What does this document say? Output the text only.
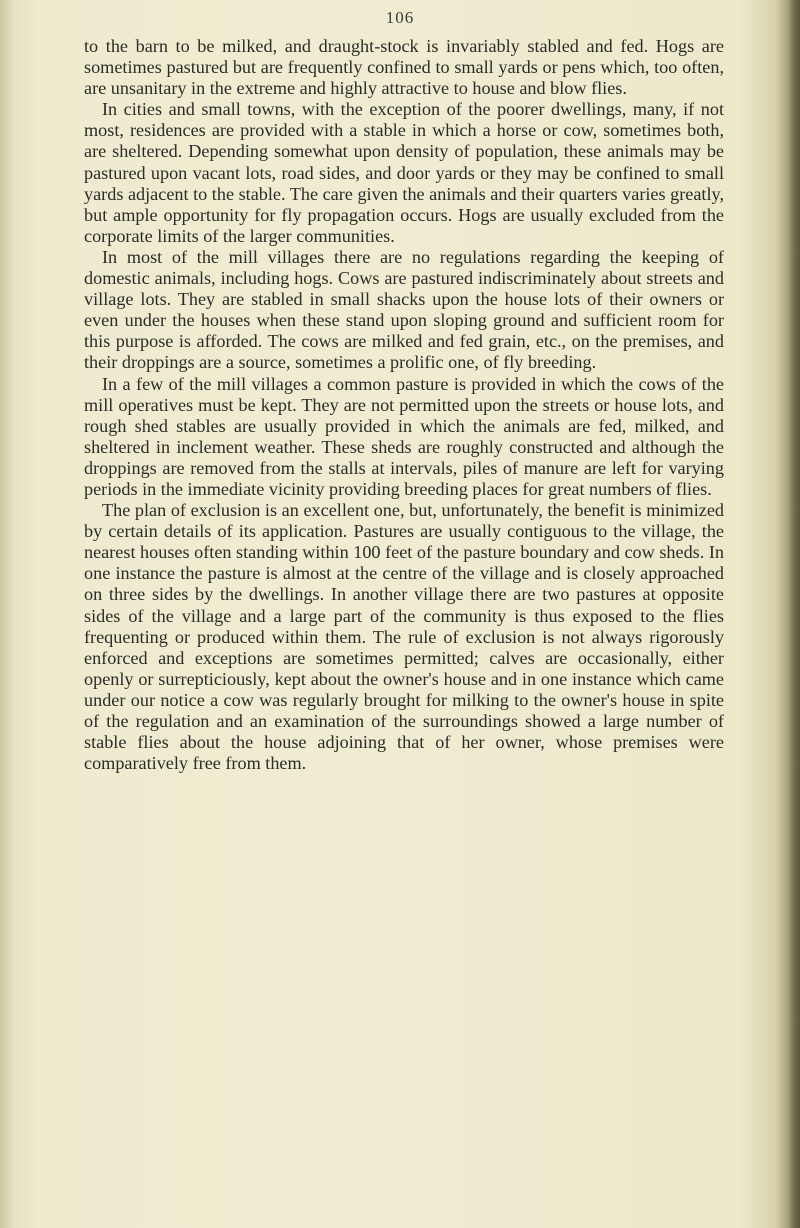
106

to the barn to be milked, and draught-stock is invariably stabled and fed. Hogs are sometimes pastured but are frequently confined to small yards or pens which, too often, are unsanitary in the extreme and highly attractive to house and blow flies.

In cities and small towns, with the exception of the poorer dwellings, many, if not most, residences are provided with a stable in which a horse or cow, sometimes both, are sheltered. Depending somewhat upon density of population, these animals may be pastured upon vacant lots, road sides, and door yards or they may be confined to small yards adjacent to the stable. The care given the animals and their quarters varies greatly, but ample opportunity for fly propagation occurs. Hogs are usually excluded from the corporate limits of the larger communities.

In most of the mill villages there are no regulations regarding the keeping of domestic animals, including hogs. Cows are pastured indiscriminately about streets and village lots. They are stabled in small shacks upon the house lots of their owners or even under the houses when these stand upon sloping ground and sufficient room for this purpose is afforded. The cows are milked and fed grain, etc., on the premises, and their droppings are a source, sometimes a prolific one, of fly breeding.

In a few of the mill villages a common pasture is provided in which the cows of the mill operatives must be kept. They are not permitted upon the streets or house lots, and rough shed stables are usually provided in which the animals are fed, milked, and sheltered in inclement weather. These sheds are roughly constructed and although the droppings are removed from the stalls at intervals, piles of manure are left for varying periods in the immediate vicinity providing breeding places for great numbers of flies.

The plan of exclusion is an excellent one, but, unfortunately, the benefit is minimized by certain details of its application. Pastures are usually contiguous to the village, the nearest houses often standing within 100 feet of the pasture boundary and cow sheds. In one instance the pasture is almost at the centre of the village and is closely approached on three sides by the dwellings. In another village there are two pastures at opposite sides of the village and a large part of the community is thus exposed to the flies frequenting or produced within them. The rule of exclusion is not always rigorously enforced and exceptions are sometimes permitted; calves are occasionally, either openly or surrepticiously, kept about the owner's house and in one instance which came under our notice a cow was regularly brought for milking to the owner's house in spite of the regulation and an examination of the surroundings showed a large number of stable flies about the house adjoining that of her owner, whose premises were comparatively free from them.
